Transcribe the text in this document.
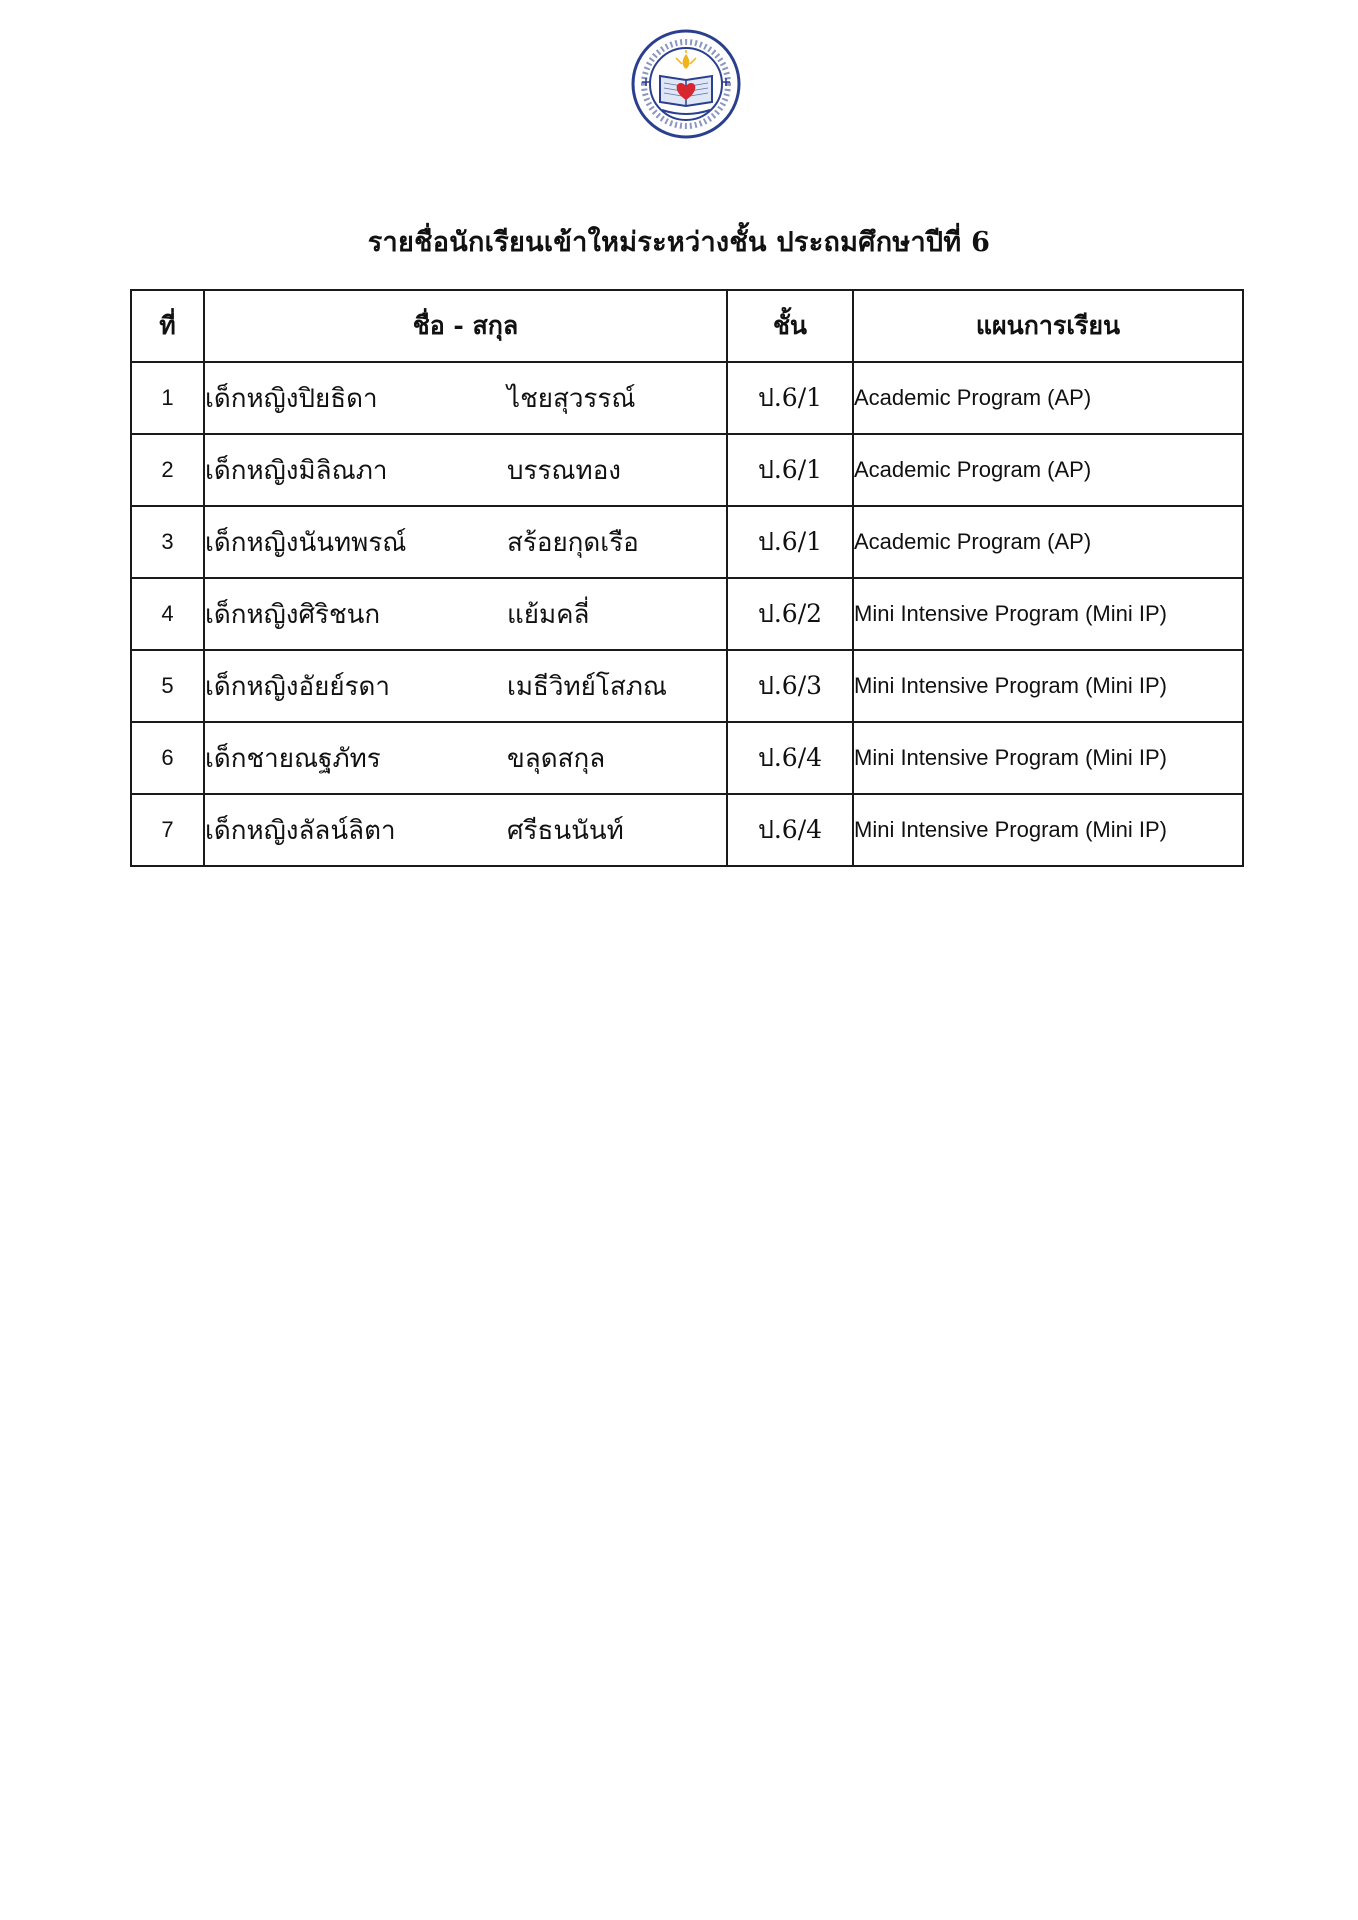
รายชื่อนักเรียนเข้าใหม่ระหว่างชั้น ประถมศึกษาปีที่ 6
ที่	ชื่อ - สกุล	ชั้น	แผนการเรียน
1	เด็กหญิงปิยธิดา ไชยสุวรรณ์	ป.6/1	Academic Program (AP)
2	เด็กหญิงมิลิณภา บรรณทอง	ป.6/1	Academic Program (AP)
3	เด็กหญิงนันทพรณ์ สร้อยกุดเรือ	ป.6/1	Academic Program (AP)
4	เด็กหญิงศิริชนก แย้มคลี่	ป.6/2	Mini Intensive Program (Mini IP)
5	เด็กหญิงอัยย์รดา เมธีวิทย์โสภณ	ป.6/3	Mini Intensive Program (Mini IP)
6	เด็กชายณฐภัทร ขลุดสกุล	ป.6/4	Mini Intensive Program (Mini IP)
7	เด็กหญิงลัลน์ลิตา ศรีธนนันท์	ป.6/4	Mini Intensive Program (Mini IP)
